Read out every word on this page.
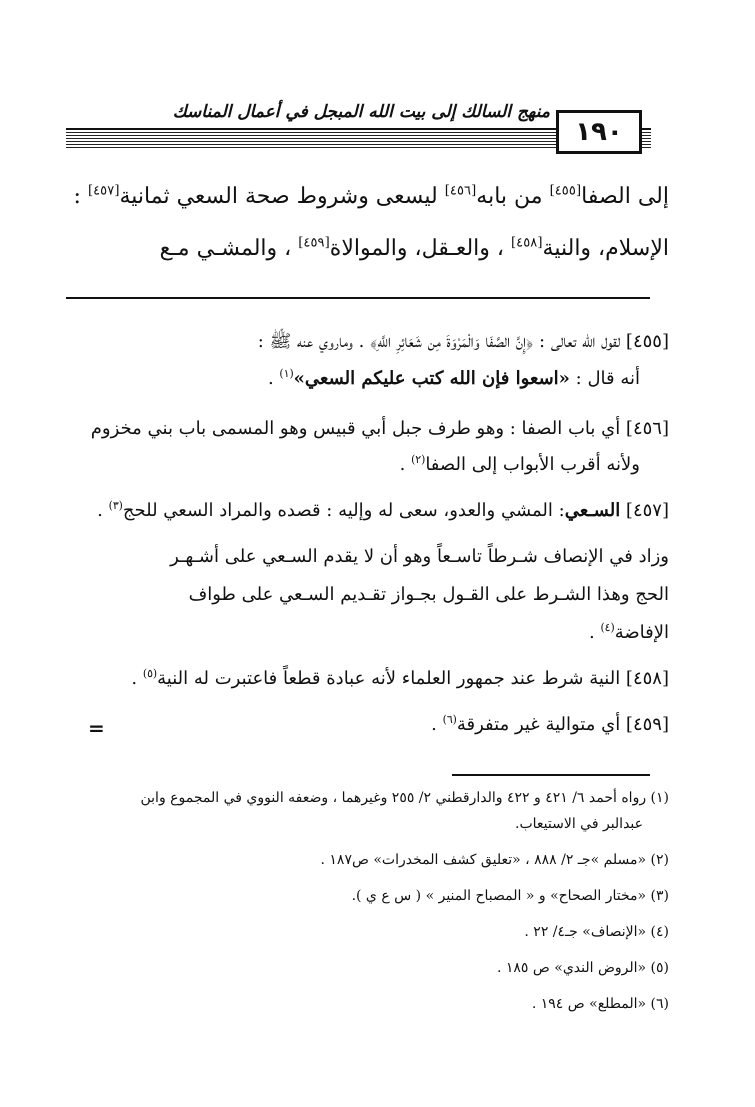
منهج السالك إلى بيت الله المبجل في أعمال المناسك
١٩٠
إلى الصفا[٤٥٥] من بابه[٤٥٦] ليسعى وشروط صحة السعي ثمانية[٤٥٧] :
الإسلام، والنية[٤٥٨] ، والعـقل، والموالاة[٤٥٩] ، والمشـي مـع
[٤٥٥] لقول الله تعالى : ﴿إِنَّ الصَّفَا وَالْمَرْوَةَ مِن شَعَائِرِ اللَّهِ﴾ . وماروي عنه ﷺ :
أنه قال : «اسعوا فإن الله كتب عليكم السعي»$^{(١)}$ .
[٤٥٦] أي باب الصفا : وهو طرف جبل أبي قبيس وهو المسمى باب بني مخزوم
ولأنه أقرب الأبواب إلى الصفا$^{(٢)}$ .
[٤٥٧] السـعي: المشي والعدو، سعى له وإليه : قصده والمراد السعي للحج$^{(٣)}$ .
وزاد في الإنصاف شـرطاً تاسـعاً وهو أن لا يقدم السـعي على أشـهـر
الحج وهذا الشـرط على القـول بجـواز تقـديم السـعي على طواف
الإفاضة$^{(٤)}$ .
[٤٥٨] النية شرط عند جمهور العلماء لأنه عبادة قطعاً فاعتبرت له النية$^{(٥)}$ .
[٤٥٩] أي متوالية غير متفرقة$^{(٦)}$ .
=
(١) رواه أحمد ٦/ ٤٢١ و ٤٢٢ والدارقطني ٢/ ٢٥٥ وغيرهما ، وضعفه النووي في المجموع وابن
عبدالبر في الاستيعاب.
(٢) «مسلم »جـ ٢/ ٨٨٨ ، «تعليق كشف المخدرات» ص١٨٧ .
(٣) «مختار الصحاح» و « المصباح المنير » ( س ع ي ).
(٤) «الإنصاف» جـ٤/ ٢٢ .
(٥) «الروض الندي» ص ١٨٥ .
(٦) «المطلع» ص ١٩٤ .
